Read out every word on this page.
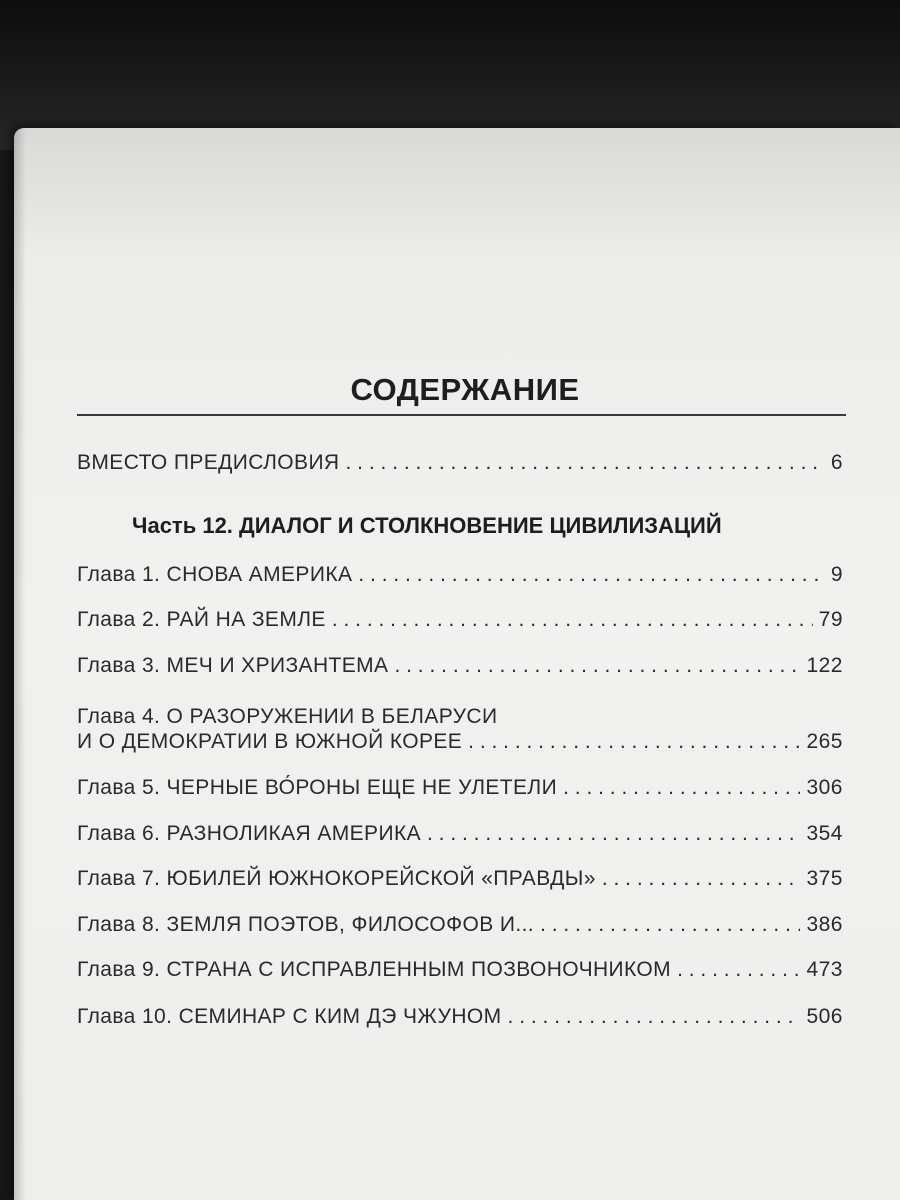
СОДЕРЖАНИЕ
ВМЕСТО ПРЕДИСЛОВИЯ . . .	6
Часть 12. ДИАЛОГ И СТОЛКНОВЕНИЕ ЦИВИЛИЗАЦИЙ
Глава 1. СНОВА АМЕРИКА . . .	9
Глава 2. РАЙ НА ЗЕМЛЕ . . .	79
Глава 3. МЕЧ И ХРИЗАНТЕМА . . .	122
Глава 4. О РАЗОРУЖЕНИИ В БЕЛАРУСИ
И О ДЕМОКРАТИИ В ЮЖНОЙ КОРЕЕ . . .	265
Глава 5. ЧЕРНЫЕ ВО́РОНЫ ЕЩЕ НЕ УЛЕТЕЛИ . . .	306
Глава 6. РАЗНОЛИКАЯ АМЕРИКА . . .	354
Глава 7. ЮБИЛЕЙ ЮЖНОКОРЕЙСКОЙ «ПРАВДЫ» . . .	375
Глава 8. ЗЕМЛЯ ПОЭТОВ, ФИЛОСОФОВ И... . . .	386
Глава 9. СТРАНА С ИСПРАВЛЕННЫМ ПОЗВОНОЧНИКОМ . . .	473
Глава 10. СЕМИНАР С КИМ ДЭ ЧЖУНОМ . . .	506
